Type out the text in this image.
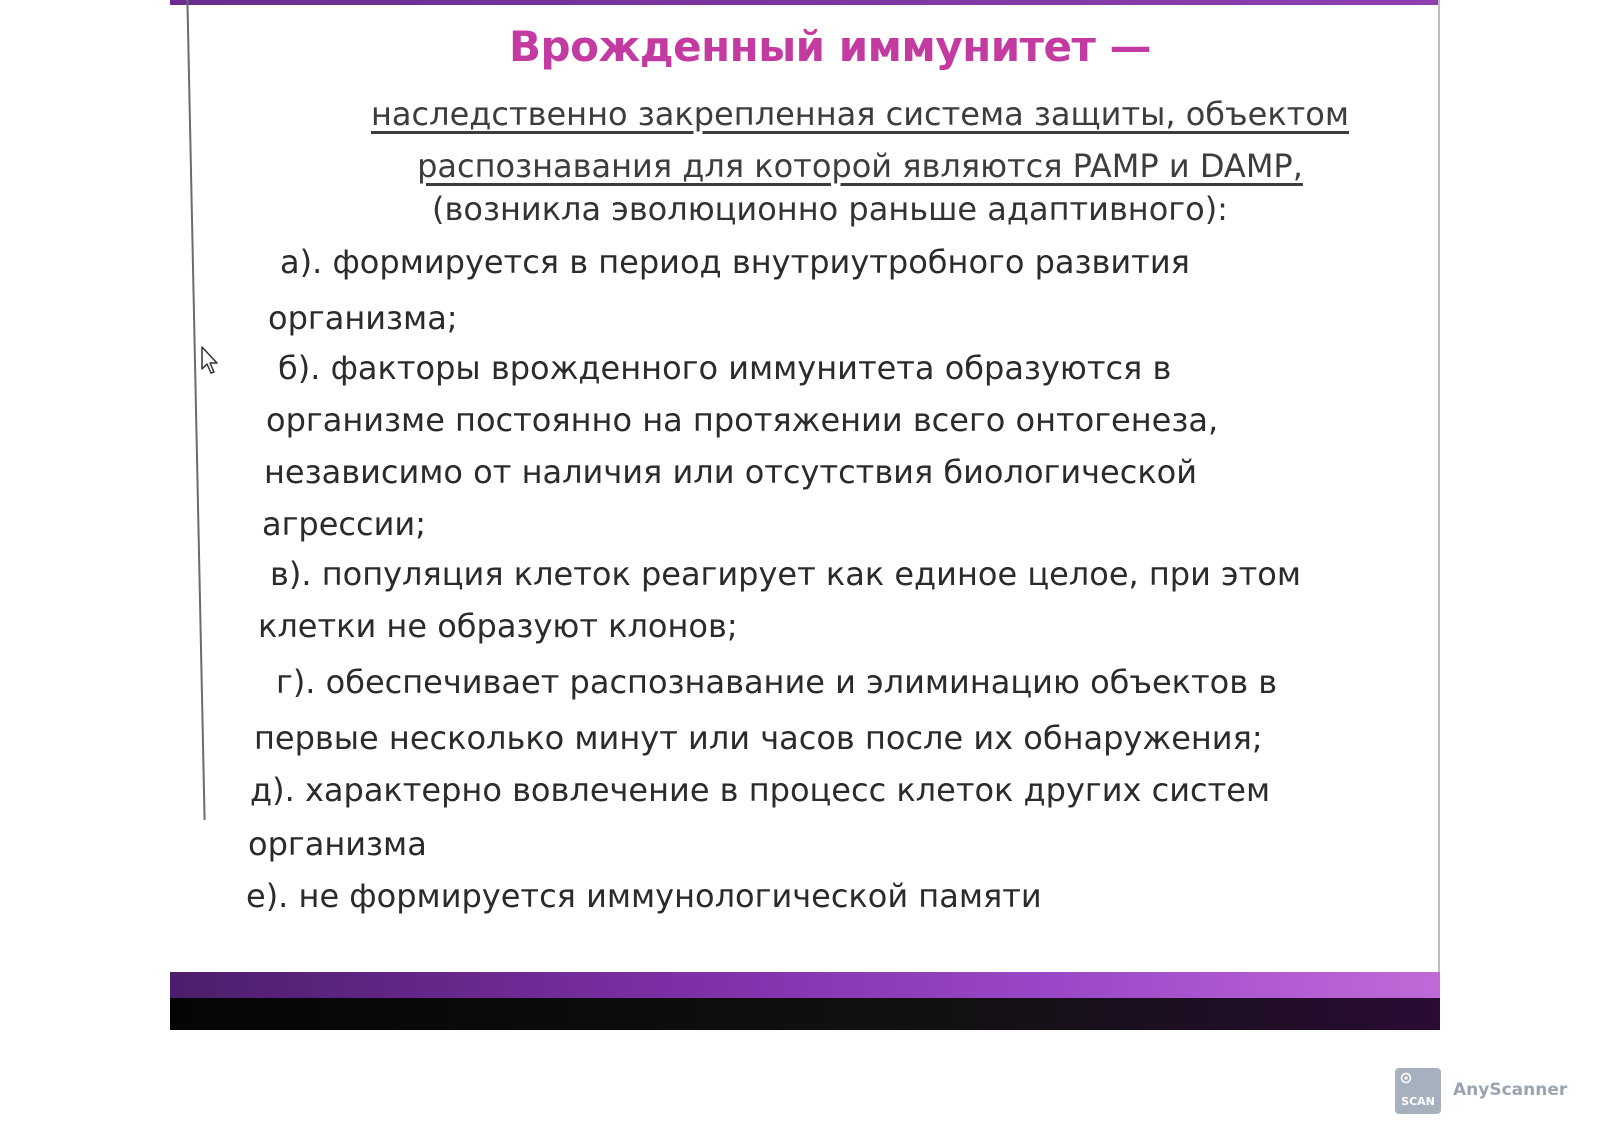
Врожденный иммунитет —
наследственно закрепленная система защиты, объектом
распознавания для которой являются PAMP и DAMP,
(возникла эволюционно раньше адаптивного):
а). формируется в период внутриутробного развития
организма;
б). факторы врожденного иммунитета образуются в
организме постоянно на протяжении всего онтогенеза,
независимо от наличия или отсутствия биологической
агрессии;
в). популяция клеток реагирует как единое целое, при этом
клетки не образуют клонов;
г). обеспечивает распознавание и элиминацию объектов в
первые несколько минут или часов после их обнаружения;
д). характерно вовлечение в процесс клеток других систем
организма
е). не формируется иммунологической памяти
SCAN
AnyScanner
